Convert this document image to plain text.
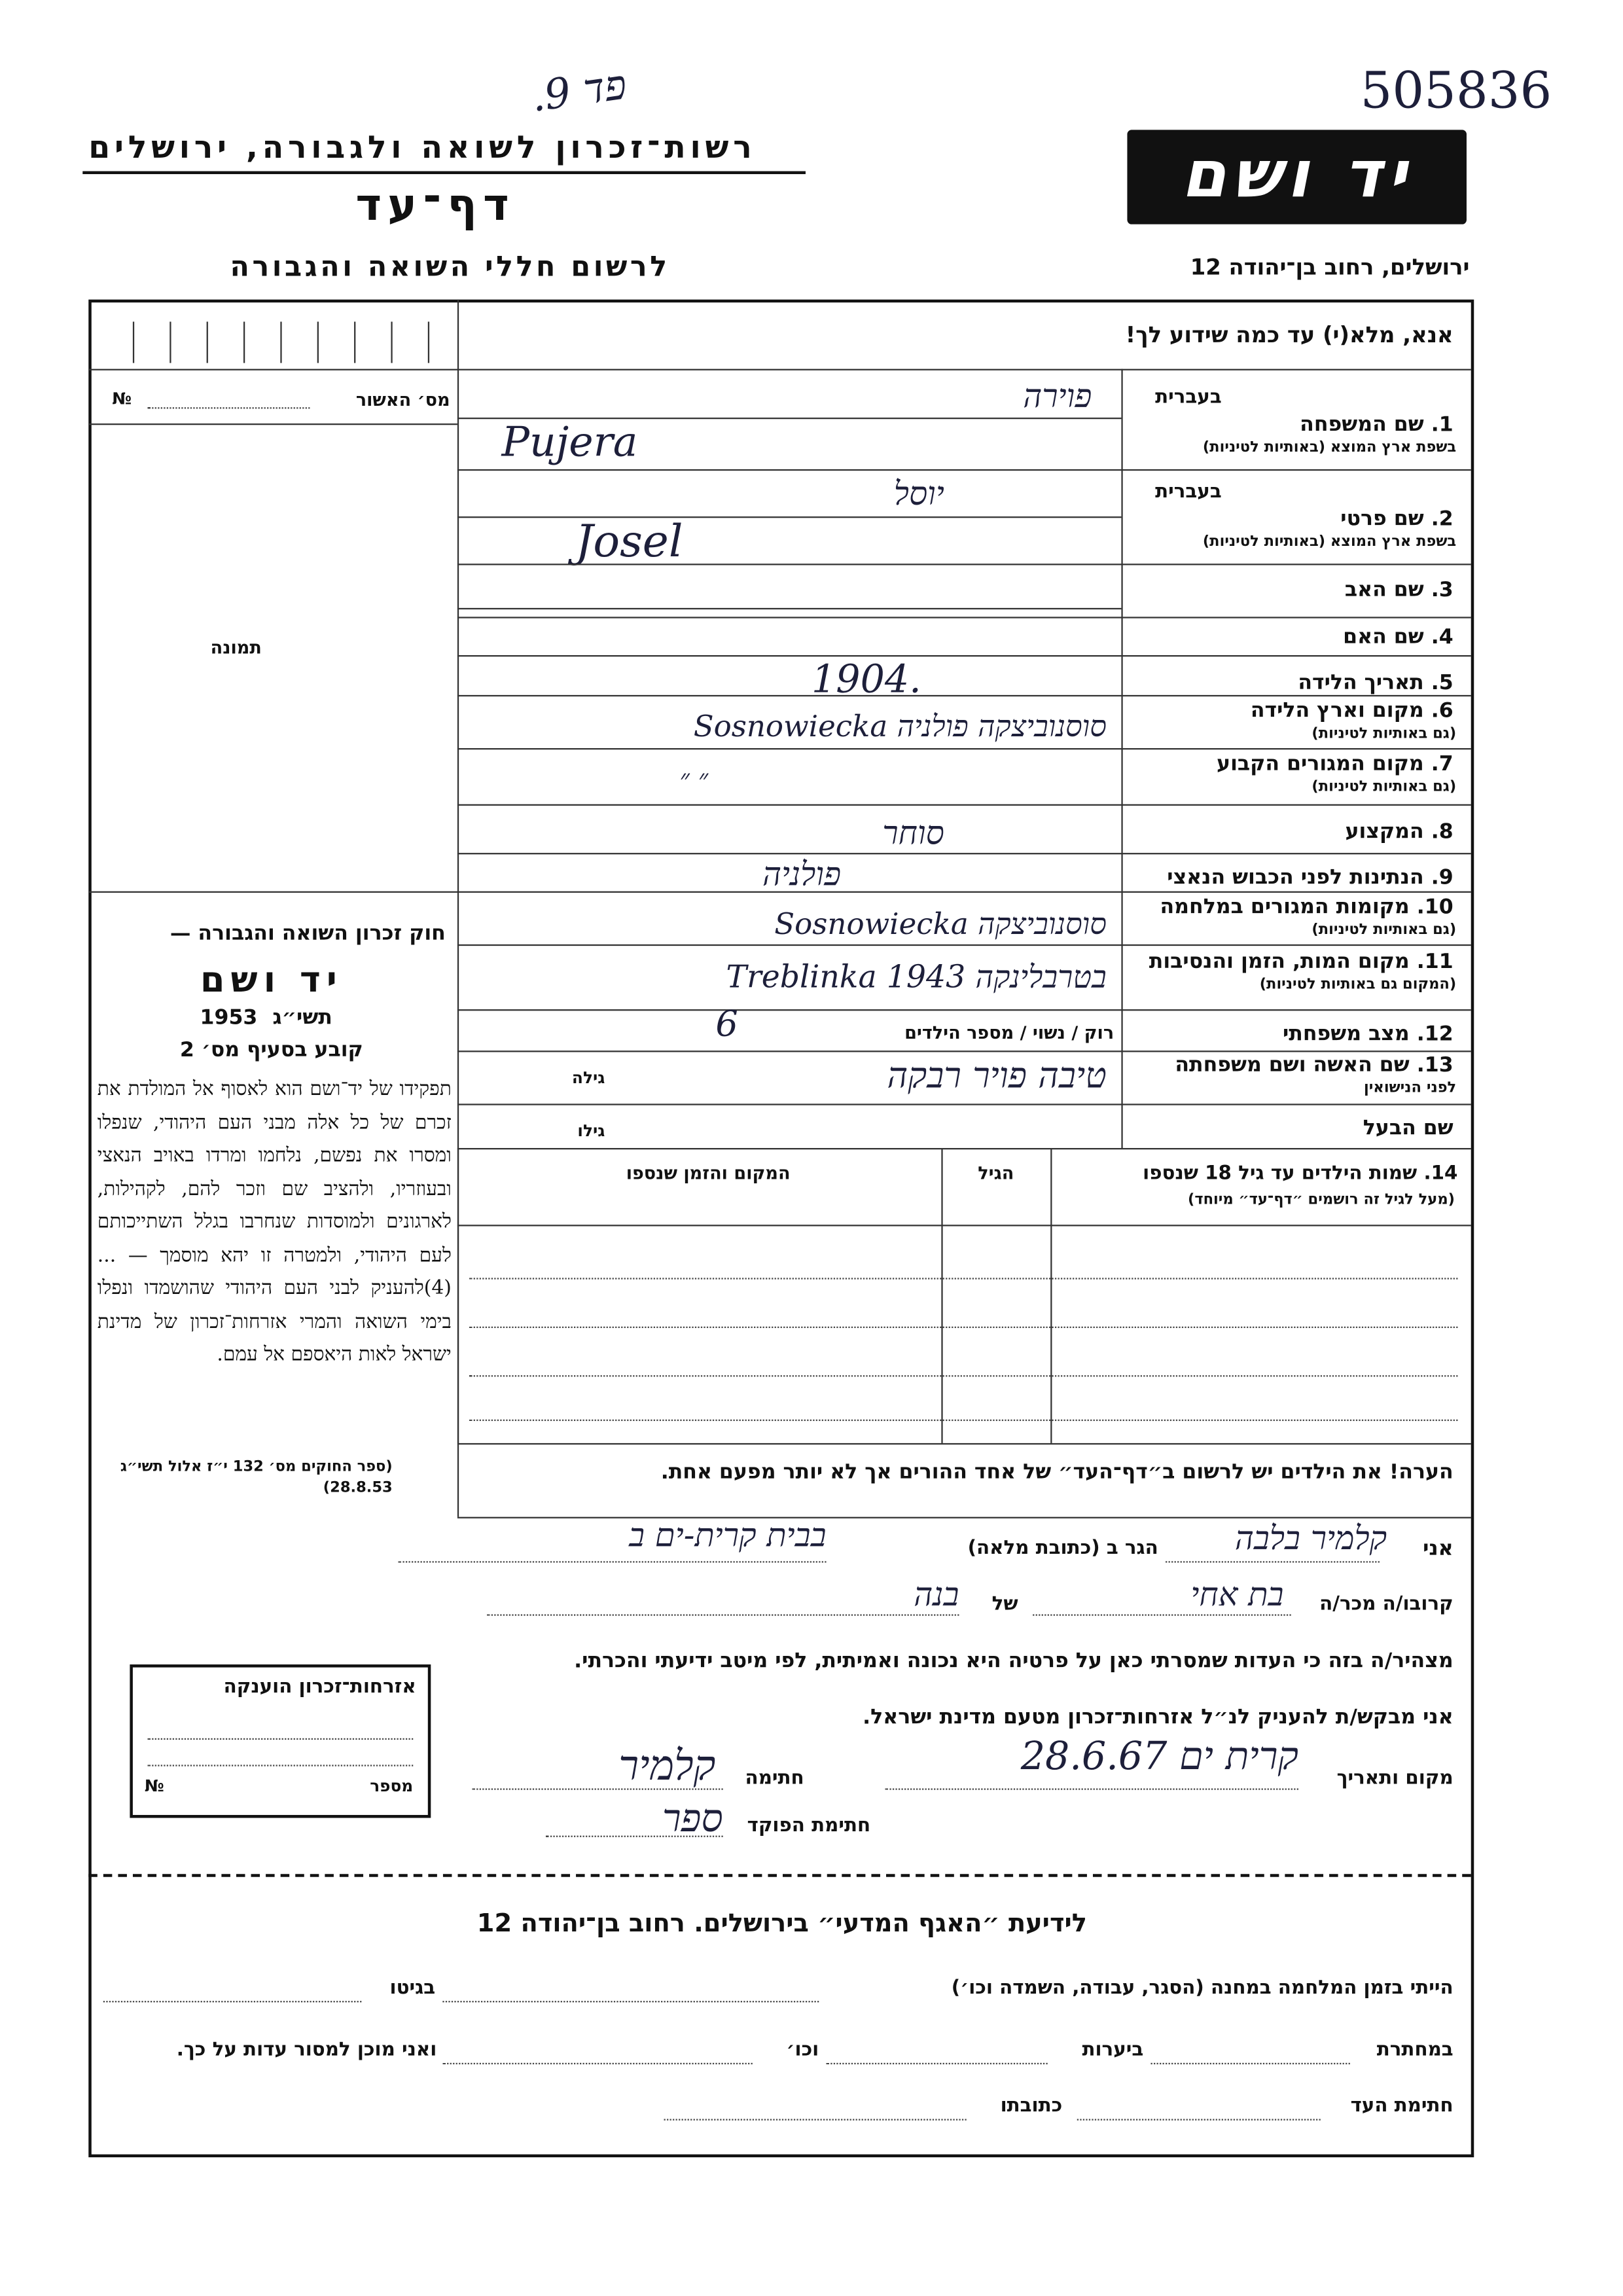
505836
פד 9.
רשות־זכרון לשואה ולגבורה, ירושלים
דף־עד
לרשום חללי השואה והגבורה
יד ושם
ירושלים, רחוב בן־יהודה 12
אנא, מלא(י) עד כמה שידוע לך!
מס׳ האשור
№
תמונה
בעברית
1. שם המשפחה
בשפת ארץ המוצא (באותיות לטיניות)
פוירה
Pujera
בעברית
2. שם פרטי
בשפת ארץ המוצא (באותיות לטיניות)
יוסל
Josel
3. שם האב
4. שם האם
5. תאריך הלידה
1904.
6. מקום וארץ הלידה
(גם באותיות לטיניות)
סוסנוביצקה פולניה Sosnowiecka
7. מקום המגורים הקבוע
(גם באותיות לטיניות)
״ ״
8. המקצוע
סוחר
9. הנתינות לפני הכבוש הנאצי
פולניה
10. מקומות המגורים במלחמה
(גם באותיות לטיניות)
סוסנוביצקה Sosnowiecka
11. מקום המות, הזמן והנסיבות
(המקום גם באותיות לטיניות)
Treblinka 1943 בטרבלינקה
12. מצב משפחתי
רוק / נשוי / מספר הילדים
6
13. שם האשה ושם משפחתה
לפני הנישואין
גילה	טיבה פויר רבקה
שם הבעל
גילו
14. שמות הילדים עד גיל 18 שנספו
(מעל לגיל זה רושמים ״דף־עד״ מיוחד)
הגיל
המקום והזמן שנספו
חוק זכרון השואה והגבורה —
יד ושם
תשי״ג
1953
קובע בסעיף מס׳ 2
תפקידו של יד־ושם הוא לאסוף אל המולדת את זכרם של כל אלה מבני העם היהודי, שנפלו ומסרו את נפשם, נלחמו ומרדו באויב הנאצי ובעוזריו, ולהציב שם וזכר להם, לקהילות, לארגונים ולמוסדות שנחרבו בגלל השתייכותם לעם היהודי, ולמטרה זו יהא מוסמך — ...(4)להעניק לבני העם היהודי שהושמדו ונפלו בימי השואה והמרי אזרחות־זכרון של מדינת ישראל לאות היאספם אל עמם.
(ספר החוקים מס׳ 132 י״ז אלול תשי״ג 28.8.53)
הערה! את הילדים יש לרשום ב״דף־העד״ של אחד ההורים אך לא יותר מפעם אחת.
אני
קלמיר בלבה
הגר ב (כתובת מלאה)
בבית קרית-ים ב
קרובו/ה מכר/ה
בת אחי
של
בנה
מצהיר/ה בזה כי העדות שמסרתי כאן על פרטיה היא נכונה ואמיתית, לפי מיטב ידיעתי והכרתי.
אני מבקש/ת להעניק לנ״ל אזרחות־זכרון מטעם מדינת ישראל.
מקום ותאריך
קרית ים 28.6.67
חתימה
קלמיר
חתימת הפוקד
ספר
אזרחות־זכרון הוענקה
מספר
№
לידיעת ״האגף המדעי״ בירושלים. רחוב בן־יהודה 12
הייתי בזמן המלחמה במחנה (הסגר, עבודה, השמדה וכו׳)
בגיטו
במחתרת
ביערות
וכו׳
ואני מוכן למסור עדות על כך.
חתימת העד
כתובתו
